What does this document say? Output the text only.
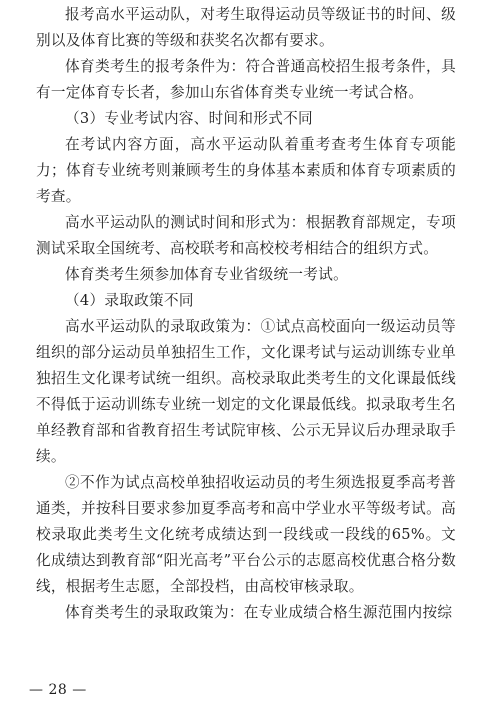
报考高水平运动队，对考生取得运动员等级证书的时间、级别以及体育比赛的等级和获奖名次都有要求。

体育类考生的报考条件为：符合普通高校招生报考条件，具有一定体育专长者，参加山东省体育类专业统一考试合格。

（3）专业考试内容、时间和形式不同

在考试内容方面，高水平运动队着重考查考生体育专项能力；体育专业统考则兼顾考生的身体基本素质和体育专项素质的考查。

高水平运动队的测试时间和形式为：根据教育部规定，专项测试采取全国统考、高校联考和高校校考相结合的组织方式。

体育类考生须参加体育专业省级统一考试。

（4）录取政策不同

高水平运动队的录取政策为：①试点高校面向一级运动员等组织的部分运动员单独招生工作，文化课考试与运动训练专业单独招生文化课考试统一组织。高校录取此类考生的文化课最低线不得低于运动训练专业统一划定的文化课最低线。拟录取考生名单经教育部和省教育招生考试院审核、公示无异议后办理录取手续。

②不作为试点高校单独招收运动员的考生须选报夏季高考普通类，并按科目要求参加夏季高考和高中学业水平等级考试。高校录取此类考生文化统考成绩达到一段线或一段线的65%。文化成绩达到教育部“阳光高考”平台公示的志愿高校优惠合格分数线，根据考生志愿，全部投档，由高校审核录取。

体育类考生的录取政策为：在专业成绩合格生源范围内按综

— 28 —
